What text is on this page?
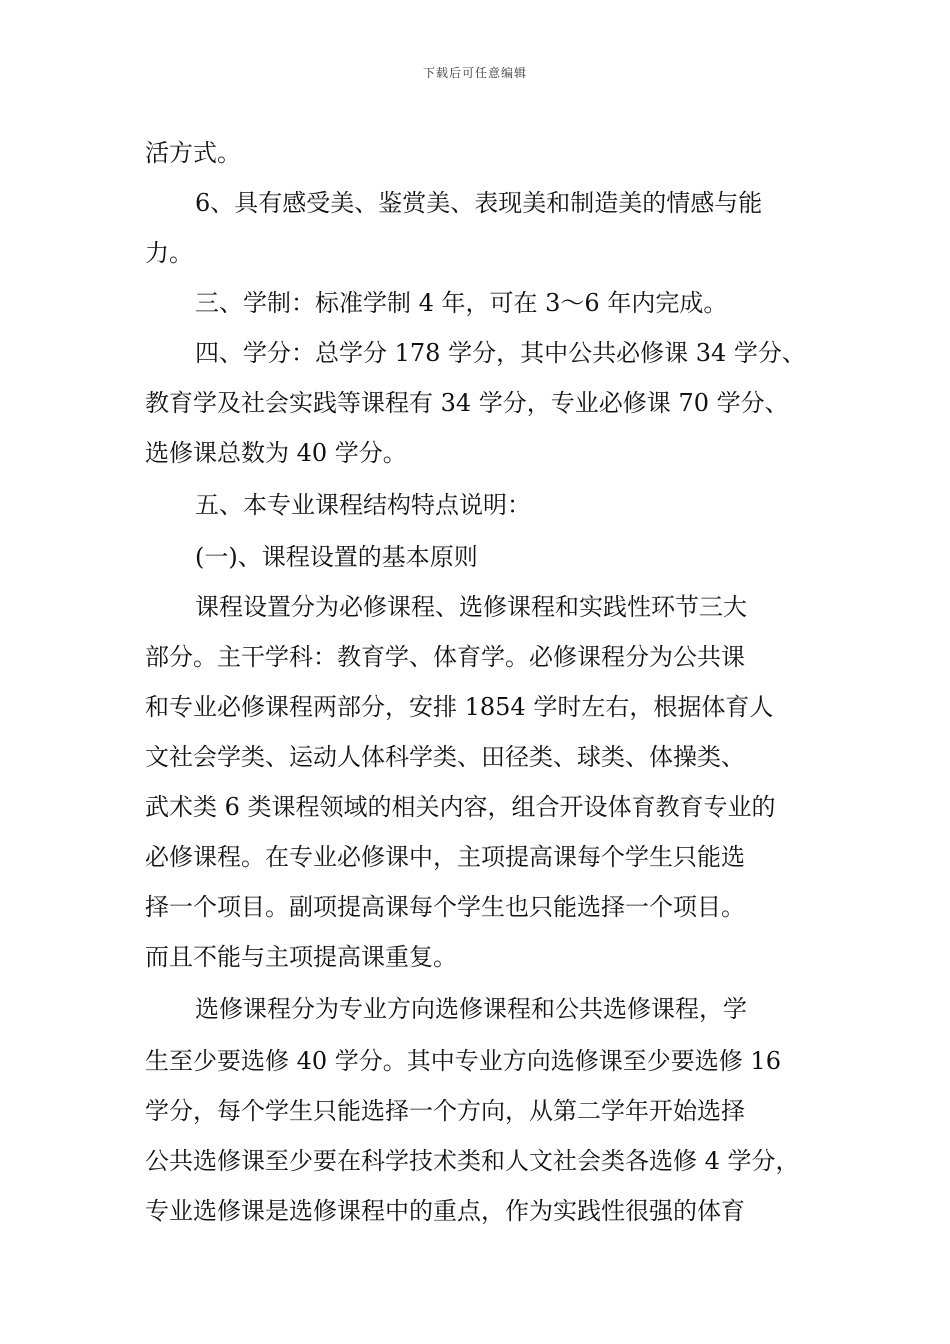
下载后可任意编辑
活方式。
6、具有感受美、鉴赏美、表现美和制造美的情感与能
力。
三、学制：标准学制 4 年，可在 3～6 年内完成。
四、学分：总学分 178 学分，其中公共必修课 34 学分、
教育学及社会实践等课程有 34 学分，专业必修课 70 学分、
选修课总数为 40 学分。
五、本专业课程结构特点说明：
(一)、课程设置的基本原则
课程设置分为必修课程、选修课程和实践性环节三大
部分。主干学科：教育学、体育学。必修课程分为公共课
和专业必修课程两部分，安排 1854 学时左右，根据体育人
文社会学类、运动人体科学类、田径类、球类、体操类、
武术类 6 类课程领域的相关内容，组合开设体育教育专业的
必修课程。在专业必修课中，主项提高课每个学生只能选
择一个项目。副项提高课每个学生也只能选择一个项目。
而且不能与主项提高课重复。
选修课程分为专业方向选修课程和公共选修课程，学
生至少要选修 40 学分。其中专业方向选修课至少要选修 16
学分，每个学生只能选择一个方向，从第二学年开始选择
公共选修课至少要在科学技术类和人文社会类各选修 4 学分，
专业选修课是选修课程中的重点，作为实践性很强的体育
